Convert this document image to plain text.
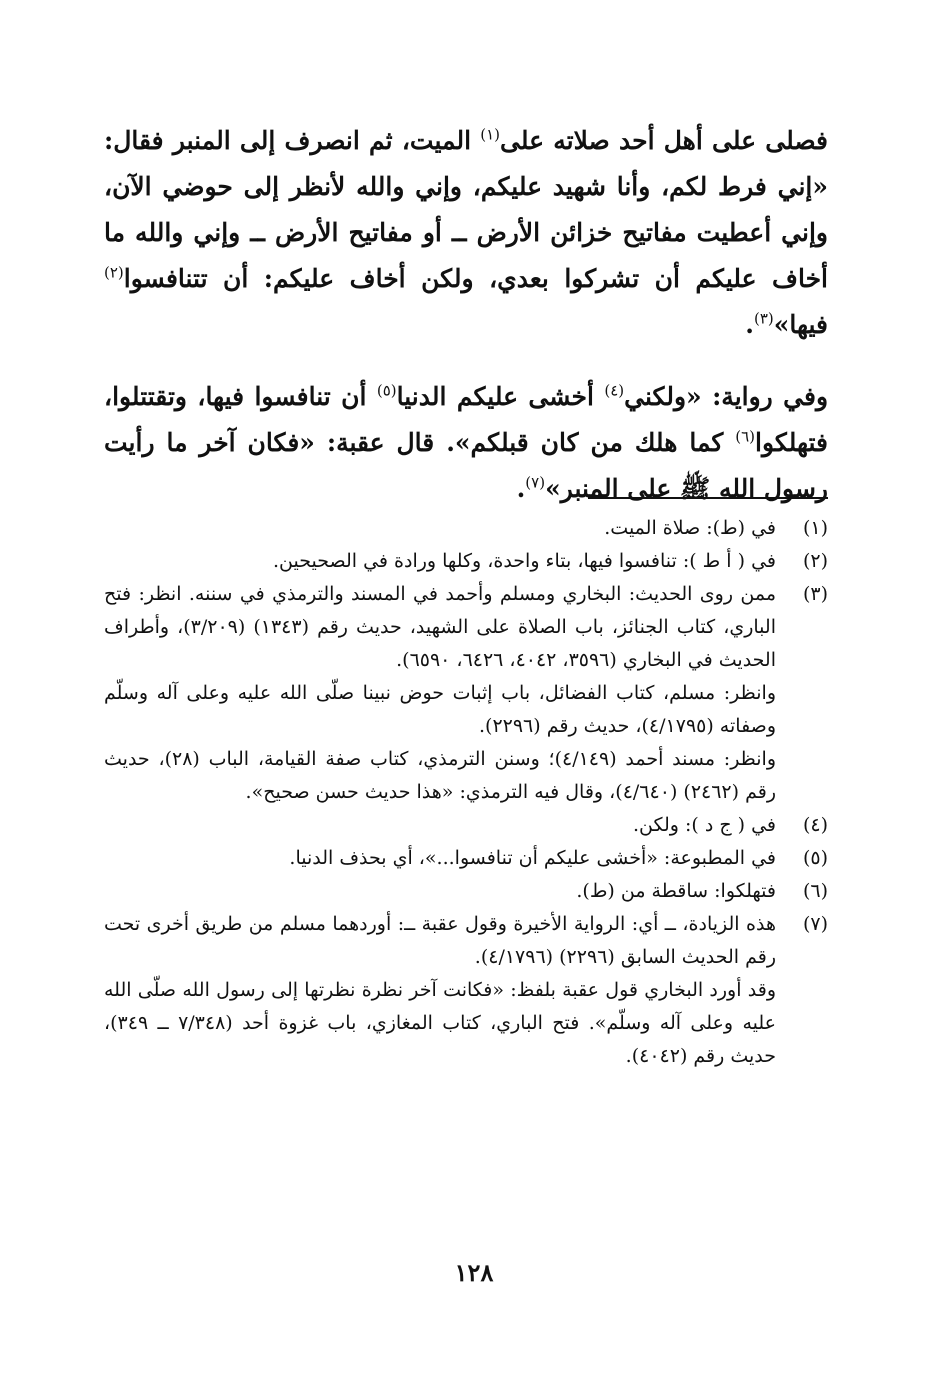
فصلى على أهل أحد صلاته على$^{(١)}$ الميت، ثم انصرف إلى المنبر فقال: «إني فرط لكم، وأنا شهيد عليكم، وإني والله لأنظر إلى حوضي الآن، وإني أعطيت مفاتيح خزائن الأرض ــ أو مفاتيح الأرض ــ وإني والله ما أخاف عليكم أن تشركوا بعدي، ولكن أخاف عليكم: أن تتنافسوا$^{(٢)}$ فيها»$^{(٣)}$.

وفي رواية: «ولكني$^{(٤)}$ أخشى عليكم الدنيا$^{(٥)}$ أن تنافسوا فيها، وتقتتلوا، فتهلكوا$^{(٦)}$ كما هلك من كان قبلكم». قال عقبة: «فكان آخر ما رأيت رسول الله ﷺ على المنبر»$^{(٧)}$.

(١)

في (ط): صلاة الميت.

(٢)

في ( أ ط ): تنافسوا فيها، بتاء واحدة، وكلها ورادة في الصحيحين.

(٣)

ممن روى الحديث: البخاري ومسلم وأحمد في المسند والترمذي في سننه. انظر: فتح الباري، كتاب الجنائز، باب الصلاة على الشهيد، حديث رقم (١٣٤٣) (٣/٢٠٩)، وأطراف الحديث في البخاري (٣٥٩٦، ٤٠٤٢، ٦٤٢٦، ٦٥٩٠).

وانظر: مسلم، كتاب الفضائل، باب إثبات حوض نبينا صلّى الله عليه وعلى آله وسلّم وصفاته (٤/١٧٩٥)، حديث رقم (٢٢٩٦).

وانظر: مسند أحمد (٤/١٤٩)؛ وسنن الترمذي، كتاب صفة القيامة، الباب (٢٨)، حديث رقم (٢٤٦٢) (٤/٦٤٠)، وقال فيه الترمذي: «هذا حديث حسن صحيح».

(٤)

في ( ج د ): ولكن.

(٥)

في المطبوعة: «أخشى عليكم أن تنافسوا...»، أي بحذف الدنيا.

(٦)

فتهلكوا: ساقطة من (ط).

(٧)

هذه الزيادة، ــ أي: الرواية الأخيرة وقول عقبة ــ: أوردهما مسلم من طريق أخرى تحت رقم الحديث السابق (٢٢٩٦) (٤/١٧٩٦).

وقد أورد البخاري قول عقبة بلفظ: «فكانت آخر نظرة نظرتها إلى رسول الله صلّى الله عليه وعلى آله وسلّم». فتح الباري، كتاب المغازي، باب غزوة أحد (٧/٣٤٨ ــ ٣٤٩)، حديث رقم (٤٠٤٢).

١٢٨
